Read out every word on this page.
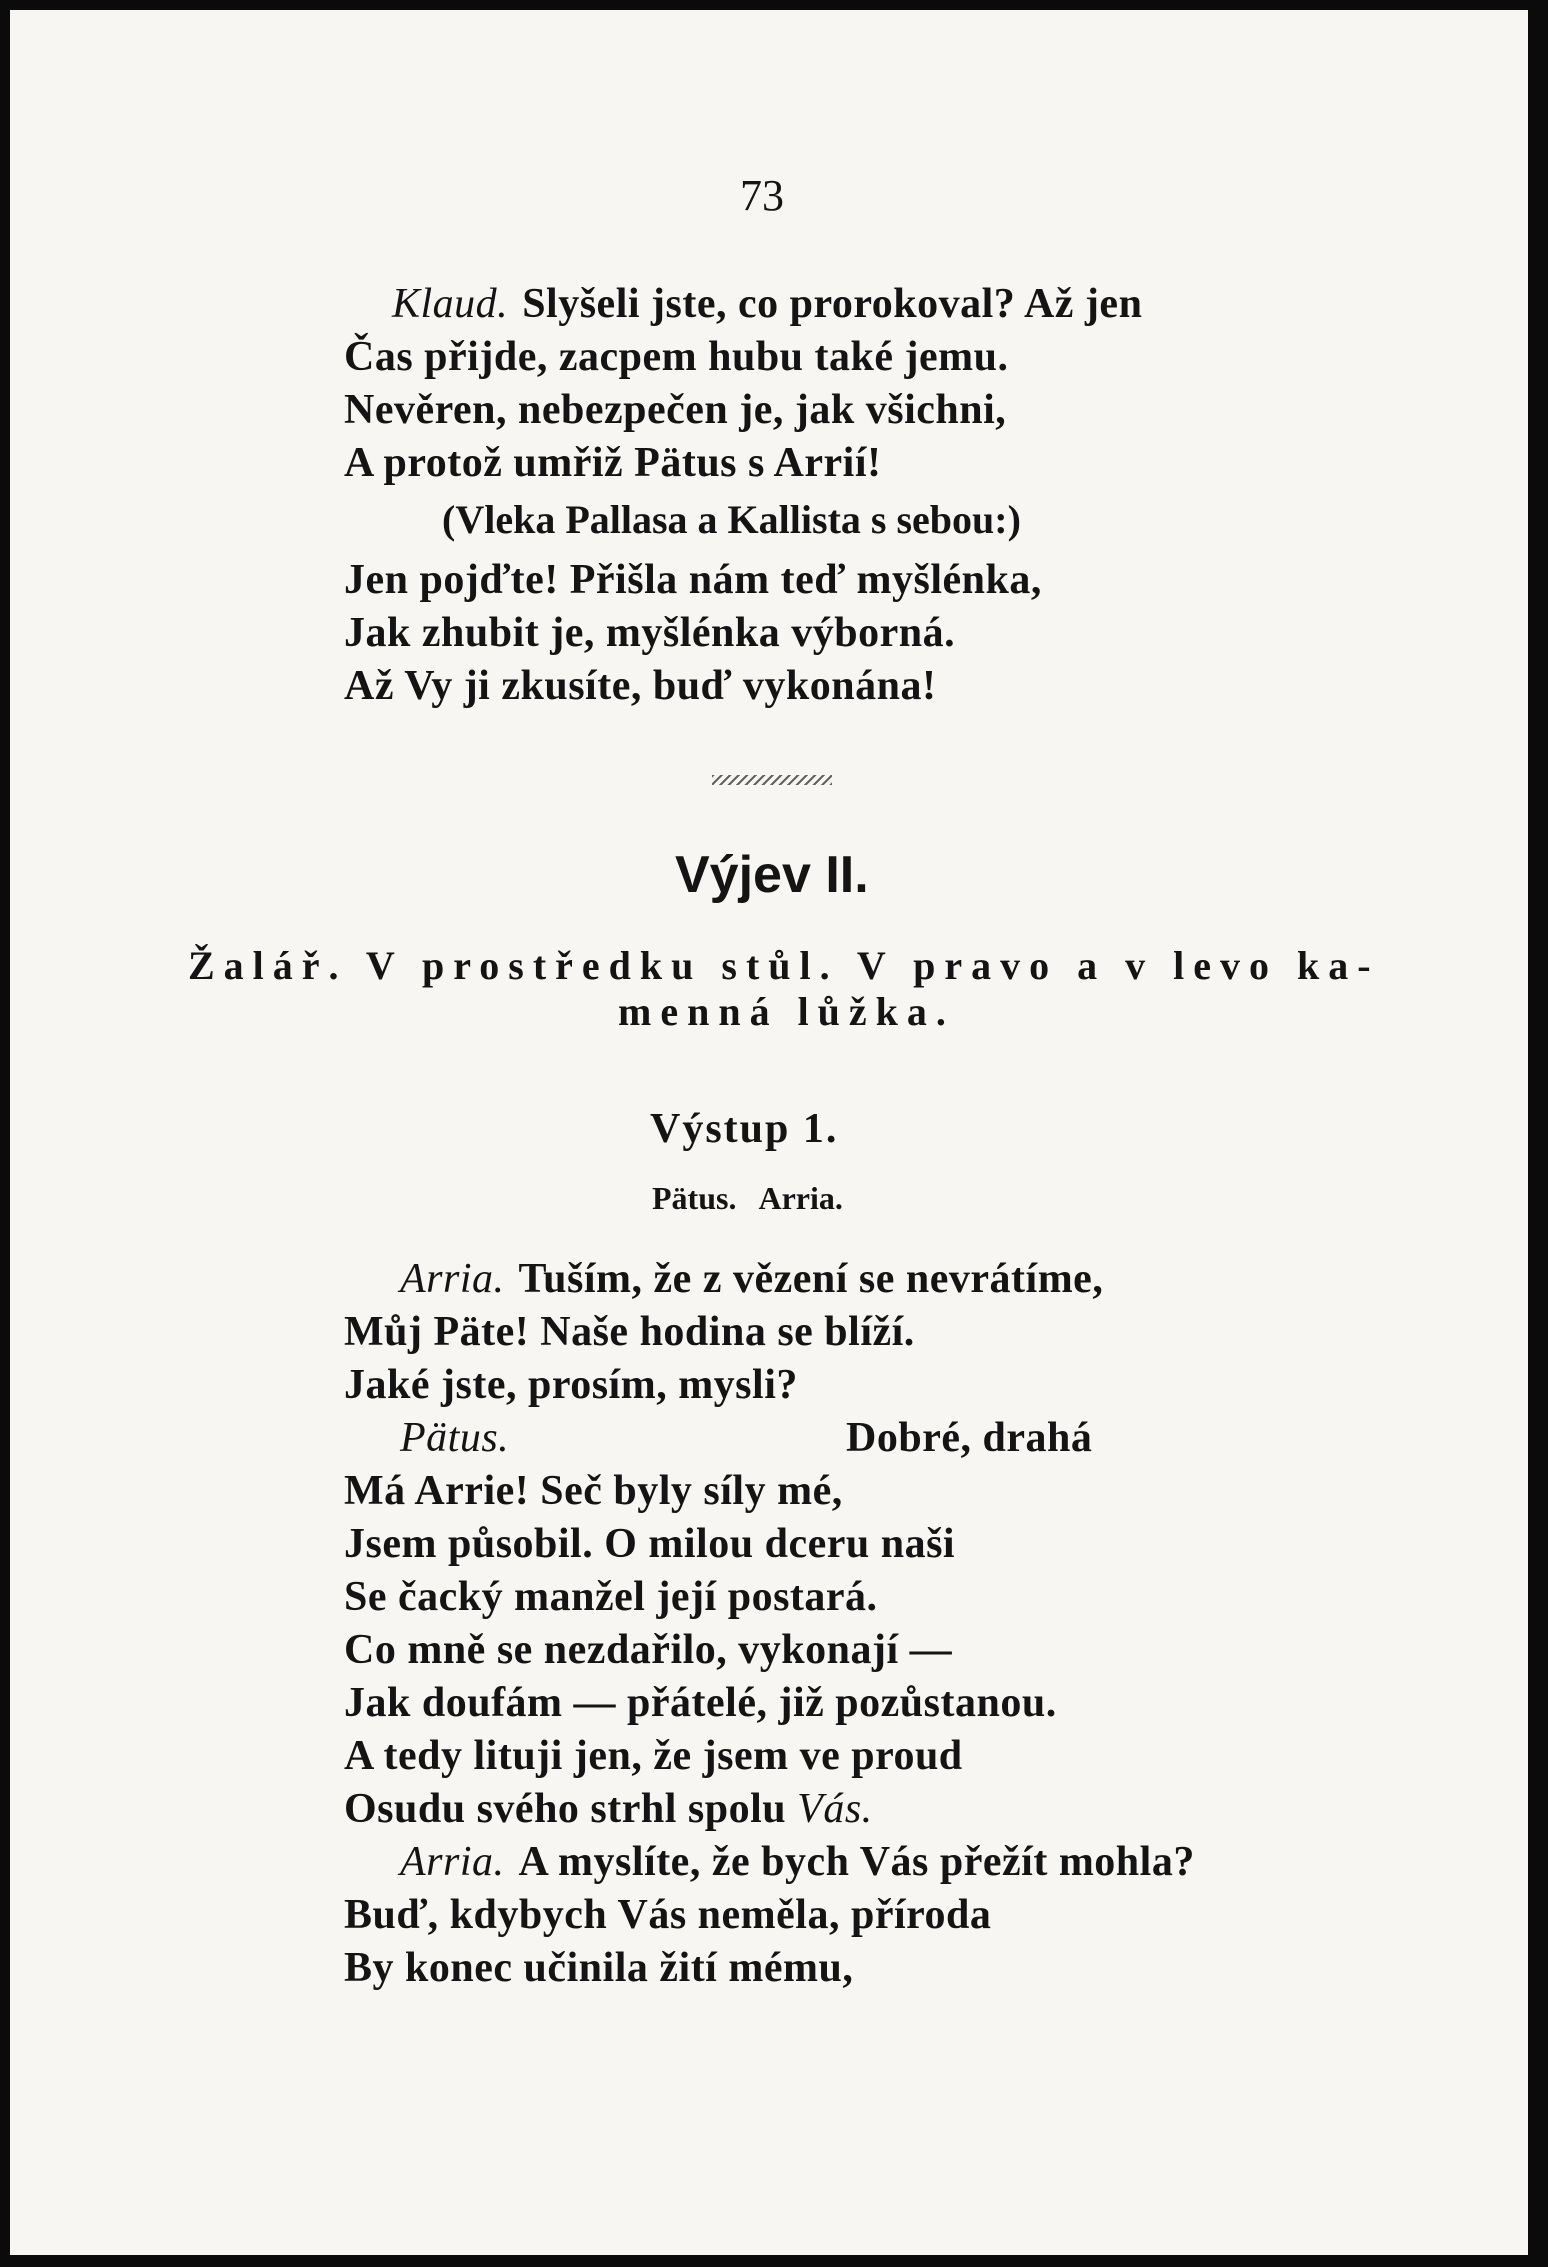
73
Klaud. Slyšeli jste, co prorokoval? Až jen
Čas přijde, zacpem hubu také jemu.
Nevěren, nebezpečen je, jak všichni,
A protož umřiž Pätus s Arrií!
(Vleka Pallasa a Kallista s sebou:)
Jen pojďte! Přišla nám teď myšlénka,
Jak zhubit je, myšlénka výborná.
Až Vy ji zkusíte, buď vykonána!
Výjev II.
Žalář. V prostředku stůl. V pravo a v levo ka-
menná lůžka.
Výstup 1.
Pätus. Arria.
Arria. Tuším, že z vězení se nevrátíme,
Můj Päte! Naše hodina se blíží.
Jaké jste, prosím, mysli?
Pätus.	Dobré, drahá
Má Arrie! Seč byly síly mé,
Jsem působil. O milou dceru naši
Se čacký manžel její postará.
Co mně se nezdařilo, vykonají —
Jak doufám — přátelé, již pozůstanou.
A tedy lituji jen, že jsem ve proud
Osudu svého strhl spolu Vás.
Arria. A myslíte, že bych Vás přežít mohla?
Buď, kdybych Vás neměla, příroda
By konec učinila žití mému,
